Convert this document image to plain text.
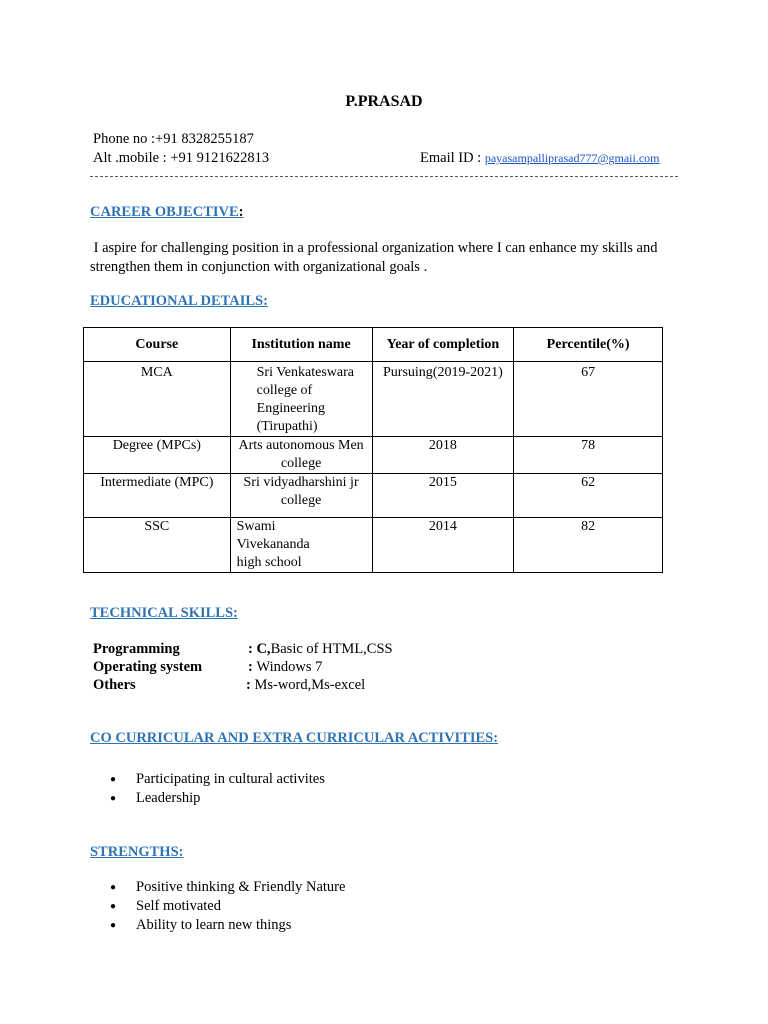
P.PRASAD
Phone no :+91 8328255187
Alt .mobile : +91 9121622813	Email ID : payasampalliprasad777@gmaii.com
CAREER OBJECTIVE:
I aspire for challenging position in a professional organization where I can enhance my skills and strengthen them in conjunction with organizational goals .
EDUCATIONAL DETAILS:
Course	Institution name	Year of completion	Percentile(%)
MCA	Sri Venkateswara college of Engineering (Tirupathi)	Pursuing(2019-2021)	67
Degree (MPCs)	Arts autonomous Men college	2018	78
Intermediate (MPC)	Sri vidyadharshini jr college	2015	62
SSC	Swami Vivekananda high school	2014	82
TECHNICAL SKILLS:
Programming	: C,Basic of HTML,CSS
Operating system	: Windows 7
Others	: Ms-word,Ms-excel
CO CURRICULAR AND EXTRA CURRICULAR ACTIVITIES:
● Participating in cultural activites
● Leadership
STRENGTHS:
● Positive thinking & Friendly Nature
● Self motivated
● Ability to learn new things
